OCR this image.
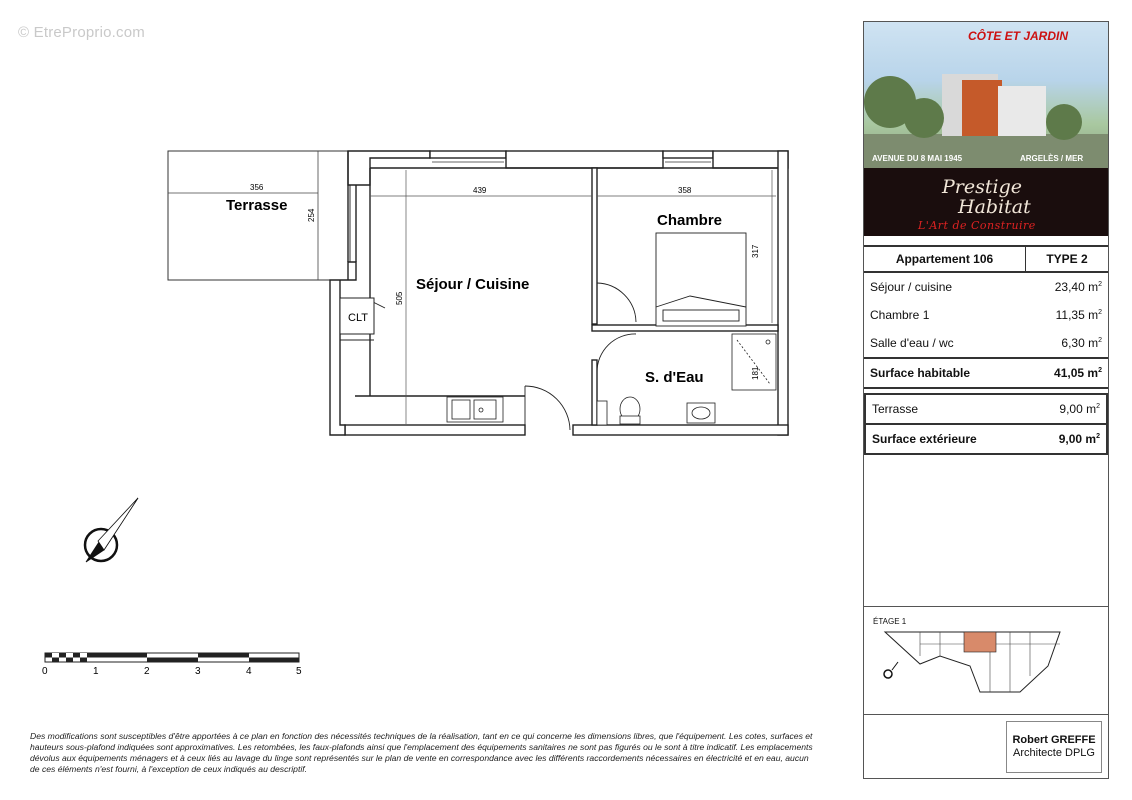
© EtreProprio.com
356
254
Terrasse
439	358
505
317
181
CLT
Séjour / Cuisine
Chambre
S. d'Eau
0	1	2	3	4	5
Des modifications sont susceptibles d'être apportées à ce plan en fonction des nécessités techniques de la réalisation, tant en ce qui concerne les dimensions libres, que l'équipement. Les cotes, surfaces et hauteurs sous-plafond indiquées sont approximatives. Les retombées, les faux-plafonds ainsi que l'emplacement des équipements sanitaires ne sont pas figurés ou le sont à titre indicatif. Les emplacements dévolus aux équipements ménagers et à ceux liés au lavage du linge sont représentés sur le plan de vente en correspondance avec les différents raccordements nécessaires en électricité et en eau, aucun de ces éléments n'est fourni, à l'exception de ceux indiqués au descriptif.
CÔTE ET JARDIN
AVENUE DU 8 MAI 1945	ARGELÈS / MER
Prestige
Habitat
L'Art de Construire
Appartement 106	TYPE 2
Séjour / cuisine	23,40 $m^2$
Chambre 1	11,35 $m^2$
Salle d'eau / wc	6,30 $m^2$
Surface habitable	41,05 $m^2$
Terrasse	9,00 $m^2$
Surface extérieure	9,00 $m^2$
ÉTAGE 1
Robert GREFFE
Architecte DPLG
